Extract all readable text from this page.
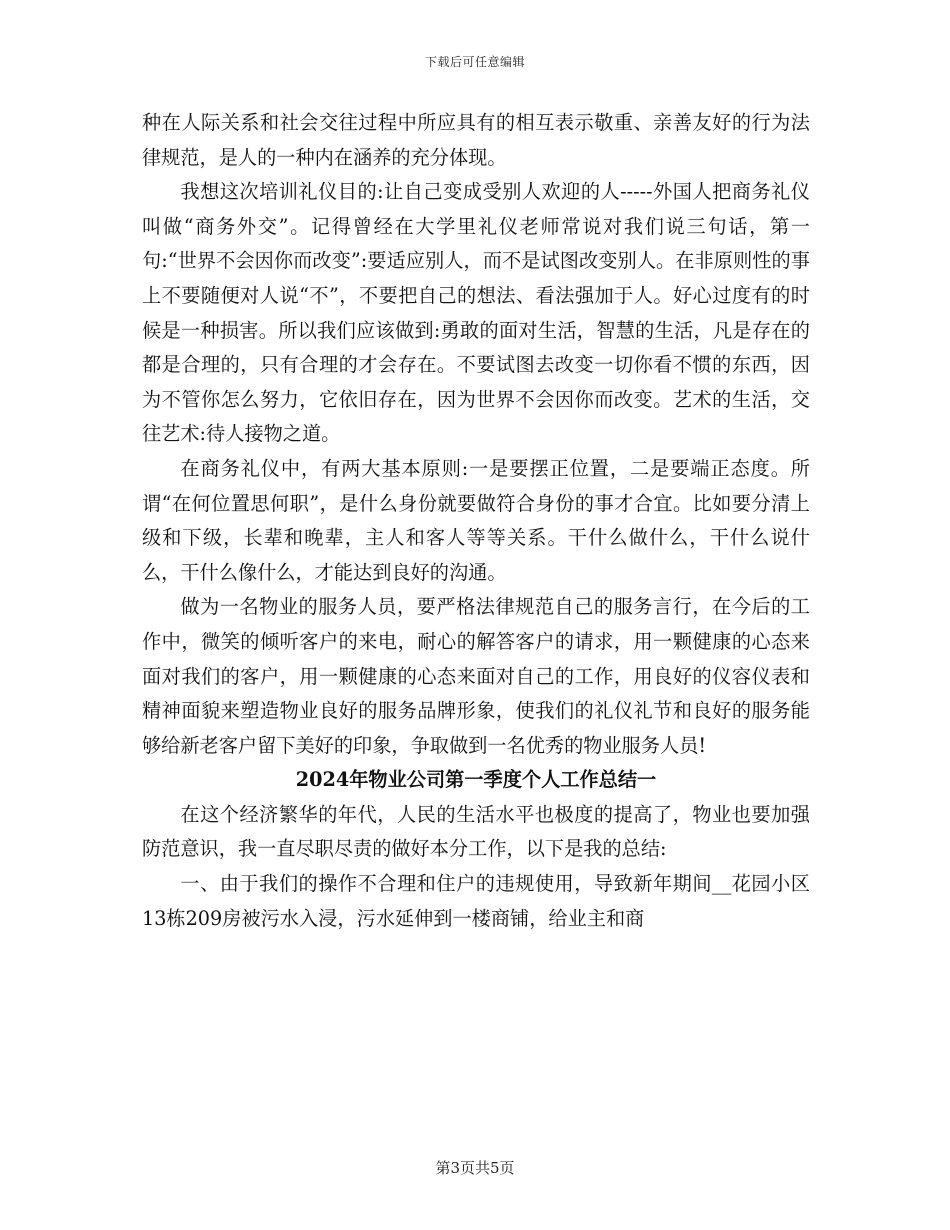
下载后可任意编辑

种在人际关系和社会交往过程中所应具有的相互表示敬重、亲善友好的行为法律规范，是人的一种内在涵养的充分体现。

我想这次培训礼仪目的:让自己变成受别人欢迎的人-----外国人把商务礼仪叫做“商务外交”。记得曾经在大学里礼仪老师常说对我们说三句话，第一句:“世界不会因你而改变”:要适应别人，而不是试图改变别人。在非原则性的事上不要随便对人说“不”，不要把自己的想法、看法强加于人。好心过度有的时候是一种损害。所以我们应该做到:勇敢的面对生活，智慧的生活，凡是存在的都是合理的，只有合理的才会存在。不要试图去改变一切你看不惯的东西，因为不管你怎么努力，它依旧存在，因为世界不会因你而改变。艺术的生活，交往艺术:待人接物之道。

在商务礼仪中，有两大基本原则:一是要摆正位置，二是要端正态度。所谓“在何位置思何职”，是什么身份就要做符合身份的事才合宜。比如要分清上级和下级，长辈和晚辈，主人和客人等等关系。干什么做什么，干什么说什么，干什么像什么，才能达到良好的沟通。

做为一名物业的服务人员，要严格法律规范自己的服务言行，在今后的工作中，微笑的倾听客户的来电，耐心的解答客户的请求，用一颗健康的心态来面对我们的客户，用一颗健康的心态来面对自己的工作，用良好的仪容仪表和精神面貌来塑造物业良好的服务品牌形象，使我们的礼仪礼节和良好的服务能够给新老客户留下美好的印象，争取做到一名优秀的物业服务人员!

2024年物业公司第一季度个人工作总结一

在这个经济繁华的年代，人民的生活水平也极度的提高了，物业也要加强防范意识，我一直尽职尽责的做好本分工作，以下是我的总结:

一、由于我们的操作不合理和住户的违规使用，导致新年期间__花园小区13栋209房被污水入浸，污水延伸到一楼商铺，给业主和商

第3页共5页
